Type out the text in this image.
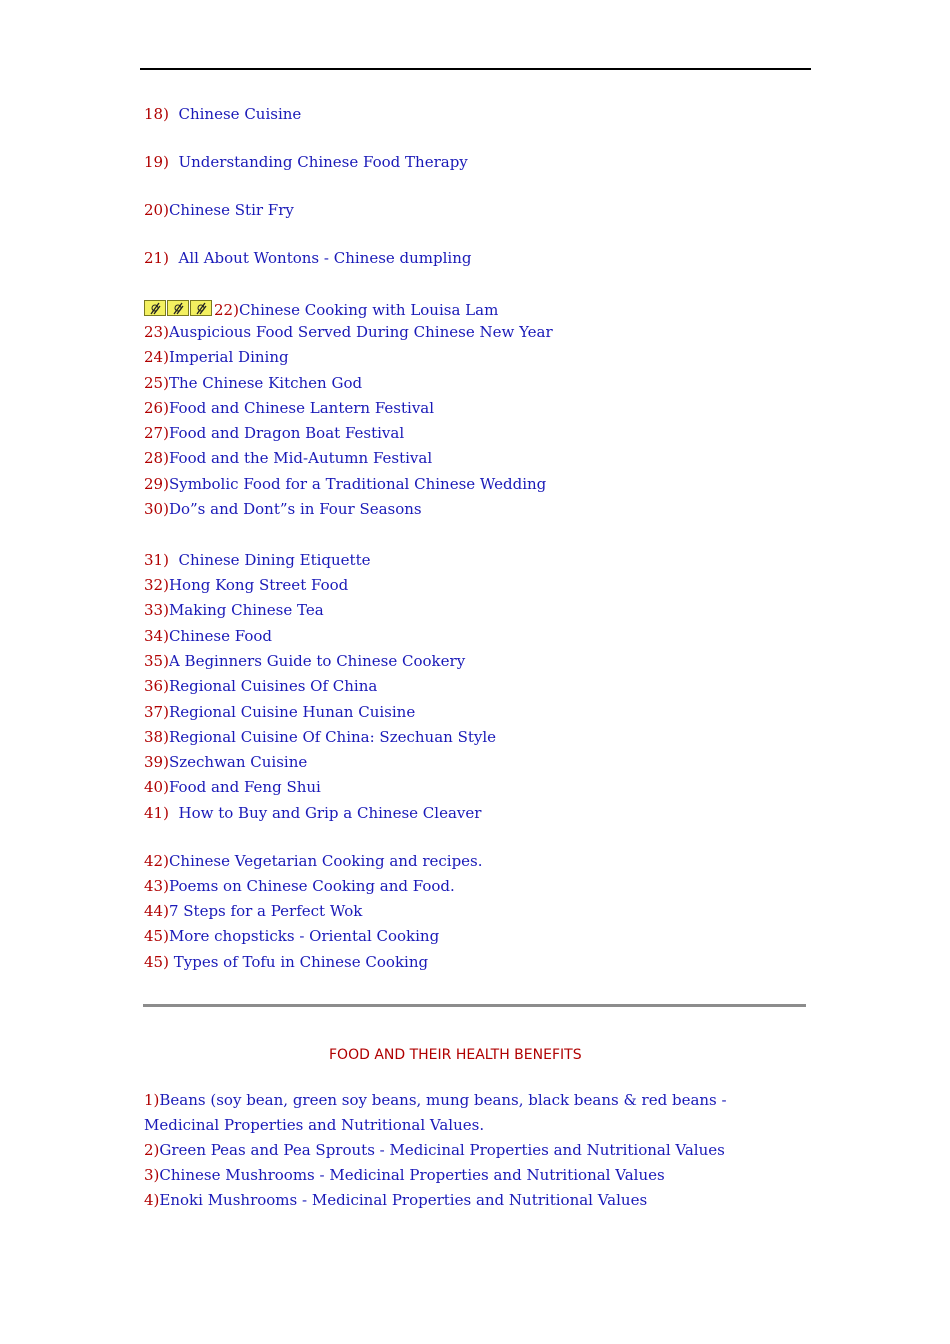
18) Chinese Cuisine
19) Understanding Chinese Food Therapy
20)Chinese Stir Fry
21) All About Wontons - Chinese dumpling
22)Chinese Cooking with Louisa Lam
23)Auspicious Food Served During Chinese New Year
24)Imperial Dining
25)The Chinese Kitchen God
26)Food and Chinese Lantern Festival
27)Food and Dragon Boat Festival
28)Food and the Mid-Autumn Festival
29)Symbolic Food for a Traditional Chinese Wedding
30)Do”s and Dont”s in Four Seasons
31) Chinese Dining Etiquette
32)Hong Kong Street Food
33)Making Chinese Tea
34)Chinese Food
35)A Beginners Guide to Chinese Cookery
36)Regional Cuisines Of China
37)Regional Cuisine Hunan Cuisine
38)Regional Cuisine Of China: Szechuan Style
39)Szechwan Cuisine
40)Food and Feng Shui
41) How to Buy and Grip a Chinese Cleaver
42)Chinese Vegetarian Cooking and recipes.
43)Poems on Chinese Cooking and Food.
44)7 Steps for a Perfect Wok
45)More chopsticks - Oriental Cooking
45) Types of Tofu in Chinese Cooking
FOOD AND THEIR HEALTH BENEFITS
1)Beans (soy bean, green soy beans, mung beans, black beans & red beans - Medicinal Properties and Nutritional Values.
2)Green Peas and Pea Sprouts - Medicinal Properties and Nutritional Values
3)Chinese Mushrooms - Medicinal Properties and Nutritional Values
4)Enoki Mushrooms - Medicinal Properties and Nutritional Values
